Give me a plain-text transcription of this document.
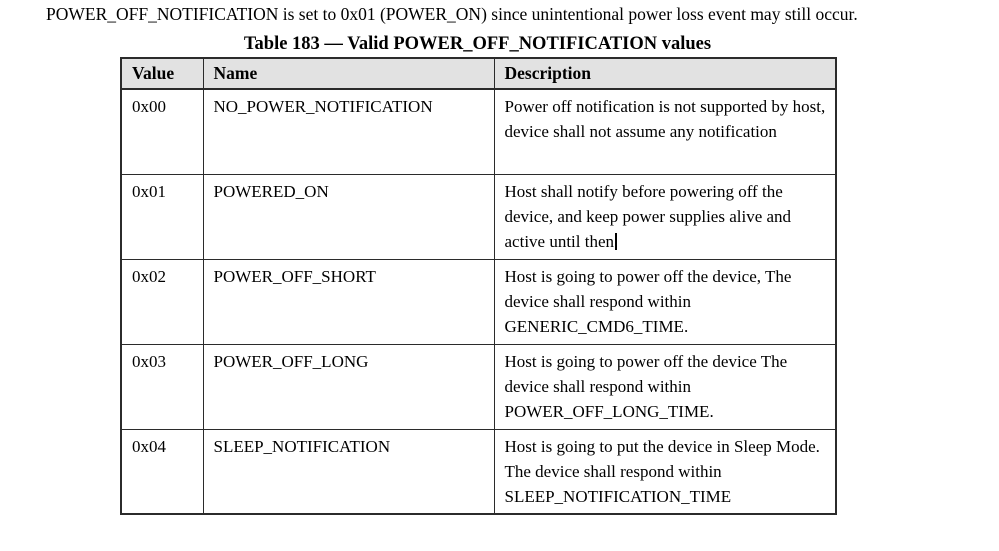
POWER_OFF_NOTIFICATION is set to 0x01 (POWER_ON) since unintentional power loss event may still occur.
Table 183 — Valid POWER_OFF_NOTIFICATION values
Value	Name	Description
0x00	NO_POWER_NOTIFICATION	Power off notification is not supported by host, device shall not assume any notification
0x01	POWERED_ON	Host shall notify before powering off the device, and keep power supplies alive and active until then
0x02	POWER_OFF_SHORT	Host is going to power off the device, The device shall respond within GENERIC_CMD6_TIME.
0x03	POWER_OFF_LONG	Host is going to power off the device The device shall respond within POWER_OFF_LONG_TIME.
0x04	SLEEP_NOTIFICATION	Host is going to put the device in Sleep Mode. The device shall respond within SLEEP_NOTIFICATION_TIME
